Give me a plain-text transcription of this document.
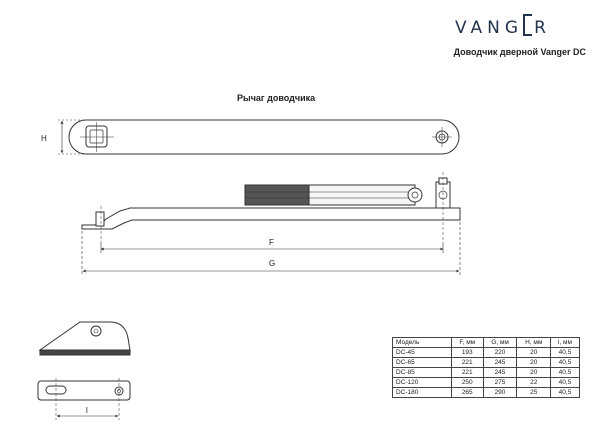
VANG R
Доводчик дверной Vanger DC
Рычаг доводчика
H
F
G
l
Модель	F, мм	G, мм	H, мм	l, мм
DC-45	193	220	20	40,5
DC-65	221	245	20	40,5
DC-85	221	245	20	40,5
DC-120	250	275	22	40,5
DC-180	265	290	25	40,5
